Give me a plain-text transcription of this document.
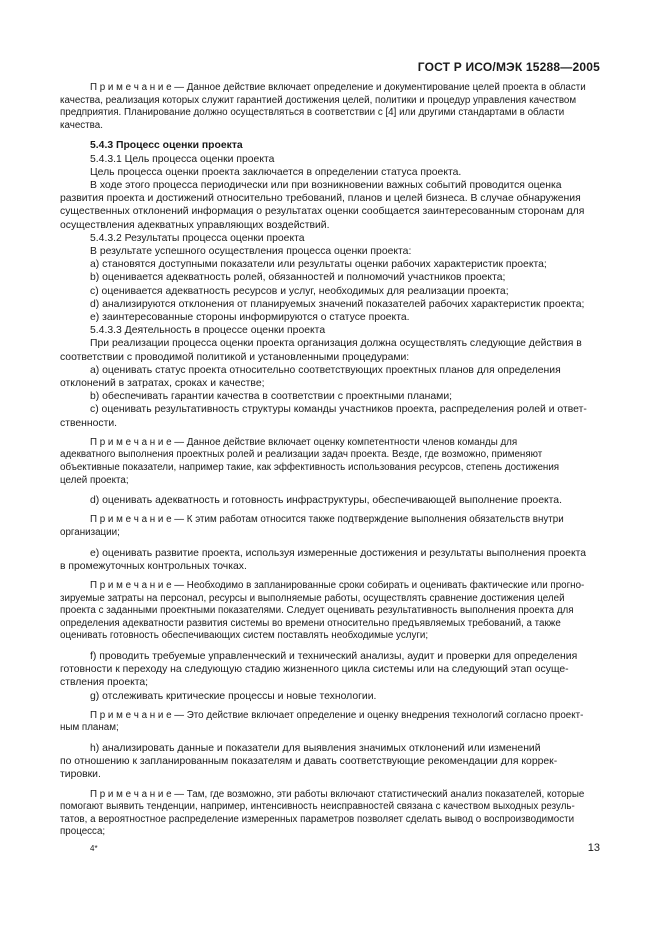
ГОСТ Р ИСО/МЭК 15288—2005
П р и м е ч а н и е — Данное действие включает определение и документирование целей проекта в области
качества, реализация которых служит гарантией достижения целей, политики и процедур управления качеством
предприятия. Планирование должно осуществляться в соответствии с [4] или другими стандартами в области
качества.
5.4.3 Процесс оценки проекта
5.4.3.1 Цель процесса оценки проекта
Цель процесса оценки проекта заключается в определении статуса проекта.
В ходе этого процесса периодически или при возникновении важных событий проводится оценка
развития проекта и достижений относительно требований, планов и целей бизнеса. В случае обнаружения
существенных отклонений информация о результатах оценки сообщается заинтересованным сторонам для
осуществления адекватных управляющих воздействий.
5.4.3.2 Результаты процесса оценки проекта
В результате успешного осуществления процесса оценки проекта:
а) становятся доступными показатели или результаты оценки рабочих характеристик проекта;
b) оценивается адекватность ролей, обязанностей и полномочий участников проекта;
с) оценивается адекватность ресурсов и услуг, необходимых для реализации проекта;
d) анализируются отклонения от планируемых значений показателей рабочих характеристик проекта;
е) заинтересованные стороны информируются о статусе проекта.
5.4.3.3 Деятельность в процессе оценки проекта
При реализации процесса оценки проекта организация должна осуществлять следующие действия в
соответствии с проводимой политикой и установленными процедурами:
а) оценивать статус проекта относительно соответствующих проектных планов для определения
отклонений в затратах, сроках и качестве;
b) обеспечивать гарантии качества в соответствии с проектными планами;
с) оценивать результативность структуры команды участников проекта, распределения ролей и ответ-
ственности.
П р и м е ч а н и е — Данное действие включает оценку компетентности членов команды для
адекватного выполнения проектных ролей и реализации задач проекта. Везде, где возможно, применяют
объективные показатели, например такие, как эффективность использования ресурсов, степень достижения
целей проекта;
d) оценивать адекватность и готовность инфраструктуры, обеспечивающей выполнение проекта.
П р и м е ч а н и е — К этим работам относится также подтверждение выполнения обязательств внутри
организации;
е) оценивать развитие проекта, используя измеренные достижения и результаты выполнения проекта
в промежуточных контрольных точках.
П р и м е ч а н и е — Необходимо в запланированные сроки собирать и оценивать фактические или прогно-
зируемые затраты на персонал, ресурсы и выполняемые работы, осуществлять сравнение достижения целей
проекта с заданными проектными показателями. Следует оценивать результативность выполнения проекта для
определения адекватности развития системы во времени относительно предъявляемых требований, а также
оценивать готовность обеспечивающих систем поставлять необходимые услуги;
f) проводить требуемые управленческий и технический анализы, аудит и проверки для определения
готовности к переходу на следующую стадию жизненного цикла системы или на следующий этап осуще-
ствления проекта;
g) отслеживать критические процессы и новые технологии.
П р и м е ч а н и е — Это действие включает определение и оценку внедрения технологий согласно проект-
ным планам;
h) анализировать данные и показатели для выявления значимых отклонений или изменений
по отношению к запланированным показателям и давать соответствующие рекомендации для коррек-
тировки.
П р и м е ч а н и е — Там, где возможно, эти работы включают статистический анализ показателей, которые
помогают выявить тенденции, например, интенсивность неисправностей связана с качеством выходных резуль-
татов, а вероятностное распределение измеренных параметров позволяет сделать вывод о воспроизводимости
процесса;
4*	13
